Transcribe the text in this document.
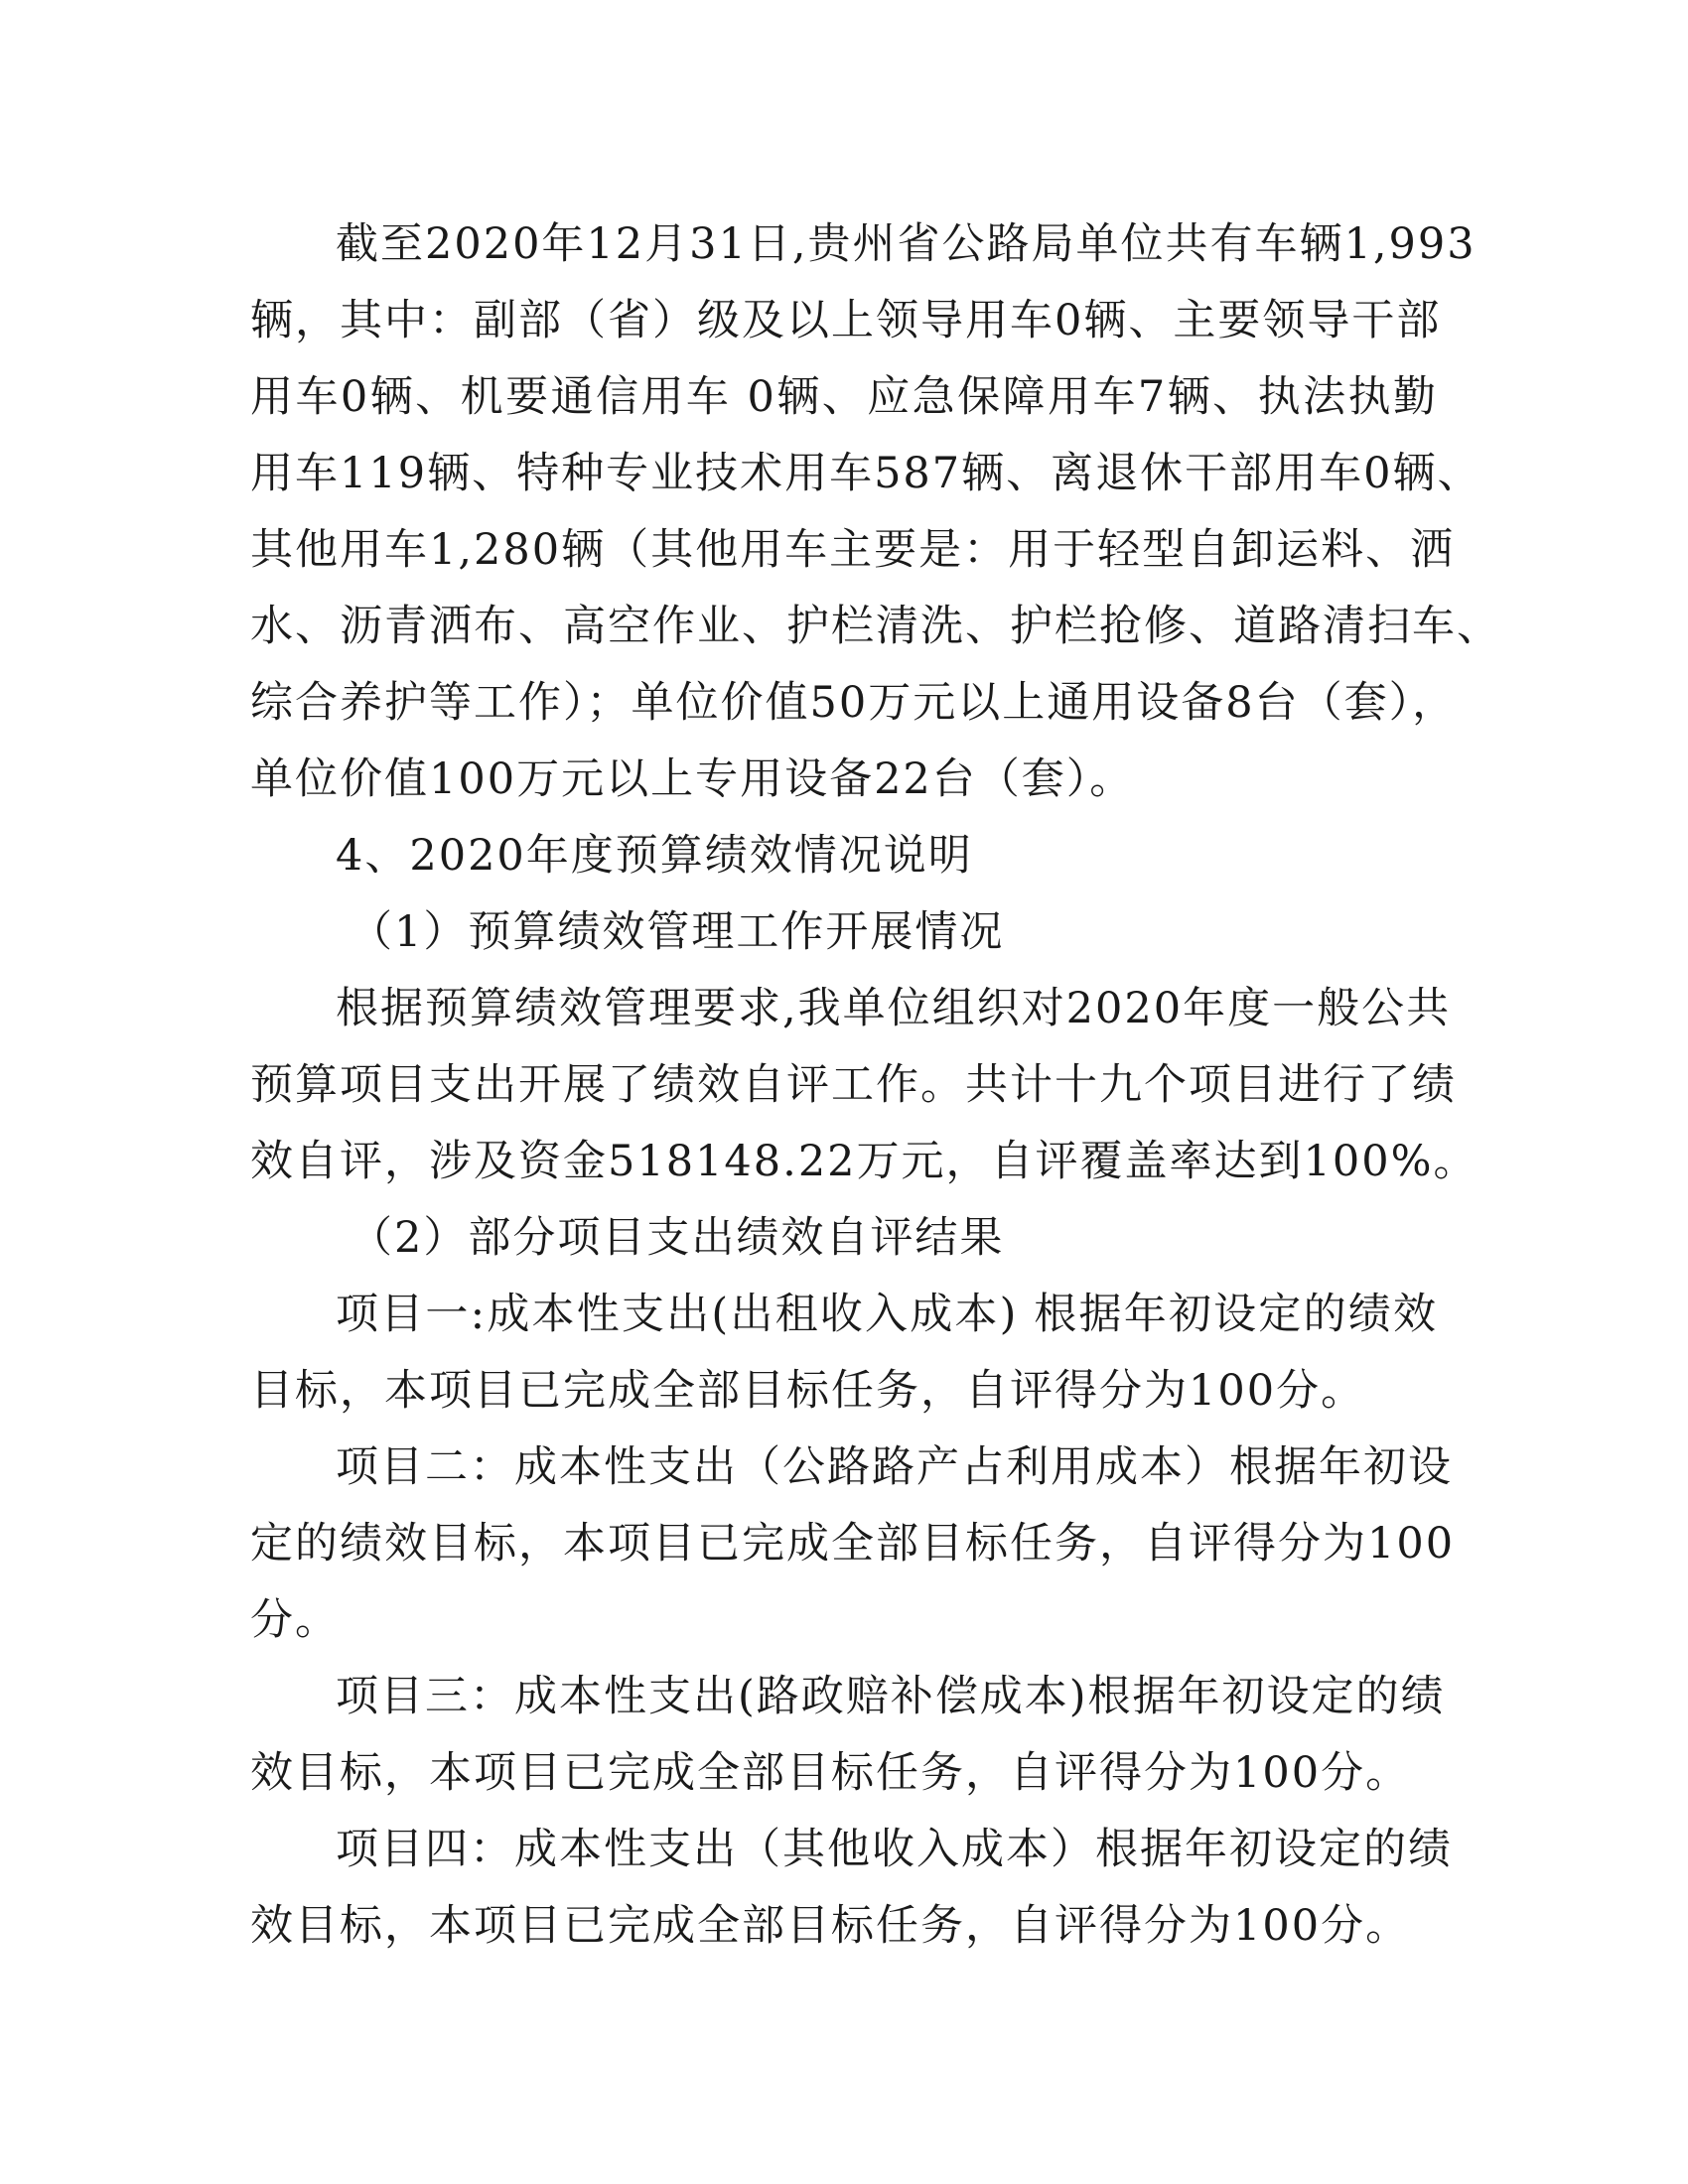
截至2020年12月31日,贵州省公路局单位共有车辆1,993
辆，其中：副部（省）级及以上领导用车0辆、主要领导干部
用车0辆、机要通信用车 0辆、应急保障用车7辆、执法执勤
用车119辆、特种专业技术用车587辆、离退休干部用车0辆、
其他用车1,280辆（其他用车主要是：用于轻型自卸运料、洒
水、沥青洒布、高空作业、护栏清洗、护栏抢修、道路清扫车、
综合养护等工作）；单位价值50万元以上通用设备8台（套），
单位价值100万元以上专用设备22台（套）。
4、2020年度预算绩效情况说明
（1）预算绩效管理工作开展情况
根据预算绩效管理要求,我单位组织对2020年度一般公共
预算项目支出开展了绩效自评工作。共计十九个项目进行了绩
效自评，涉及资金518148.22万元，自评覆盖率达到100%。
（2）部分项目支出绩效自评结果
项目一:成本性支出(出租收入成本) 根据年初设定的绩效
目标，本项目已完成全部目标任务，自评得分为100分。
项目二：成本性支出（公路路产占利用成本）根据年初设
定的绩效目标，本项目已完成全部目标任务，自评得分为100
分。
项目三：成本性支出(路政赔补偿成本)根据年初设定的绩
效目标，本项目已完成全部目标任务，自评得分为100分。
项目四：成本性支出（其他收入成本）根据年初设定的绩
效目标，本项目已完成全部目标任务，自评得分为100分。
